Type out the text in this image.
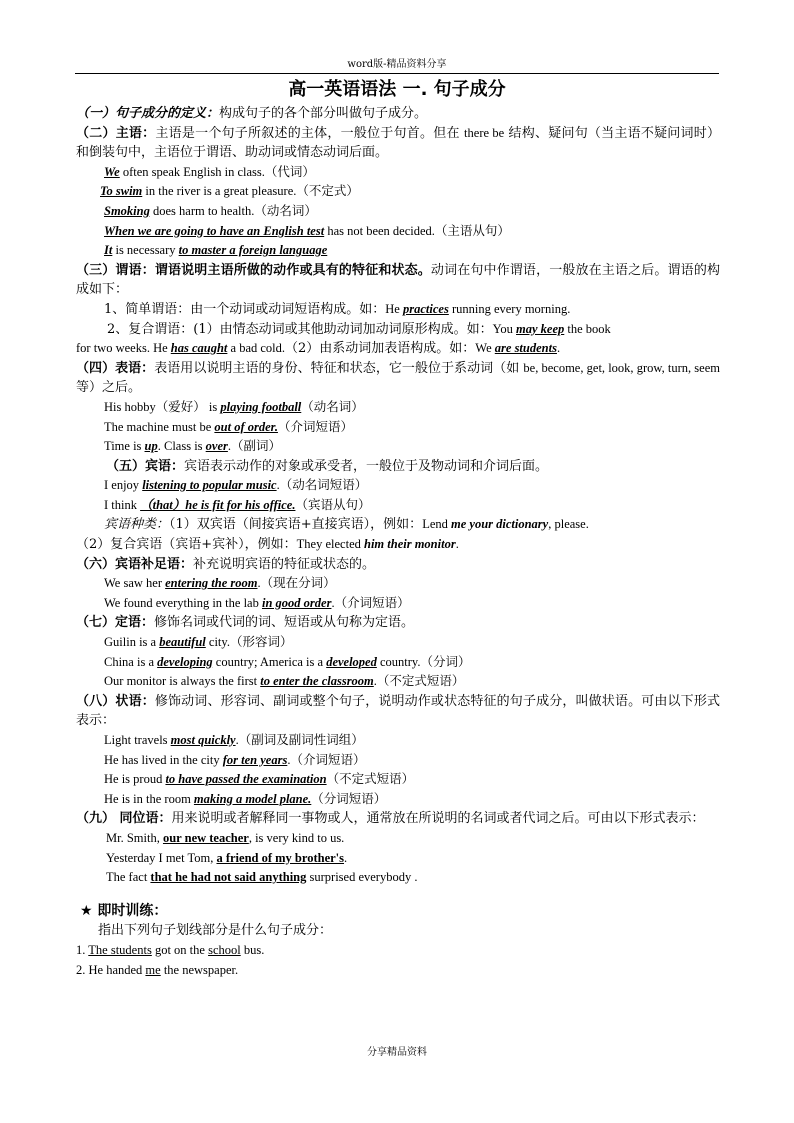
word版-精品资料分享
高一英语语法 一. 句子成分

（一）句子成分的定义：构成句子的各个部分叫做句子成分。

（二）主语：主语是一个句子所叙述的主体，一般位于句首。但在 there be 结构、疑问句（当主语不疑问词时）和倒装句中，主语位于谓语、助动词或情态动词后面。

We often speak English in class.（代词）

To swim in the river is a great pleasure.（不定式）

Smoking does harm to health.（动名词）

When we are going to have an English test has not been decided.（主语从句）

It is necessary to master a foreign language

（三）谓语：谓语说明主语所做的动作或具有的特征和状态。动词在句中作谓语，一般放在主语之后。谓语的构成如下：

1、简单谓语：由一个动词或动词短语构成。如：He practices running every morning.

2、复合谓语：(1）由情态动词或其他助动词加动词原形构成。如：You may keep the book

for two weeks. He has caught a bad cold.（2）由系动词加表语构成。如：We are students.

（四）表语：表语用以说明主语的身份、特征和状态，它一般位于系动词（如 be, become, get, look, grow, turn, seem 等）之后。

His hobby（爱好） is playing football（动名词）

The machine must be out of order.（介词短语）

Time is up. Class is over.（副词）

（五）宾语：宾语表示动作的对象或承受者，一般位于及物动词和介词后面。

I enjoy listening to popular music.（动名词短语）

I think （that）he is fit for his office.（宾语从句）

宾语种类：（1）双宾语（间接宾语+直接宾语），例如：Lend me your dictionary, please.

（2）复合宾语（宾语+宾补），例如：They elected him their monitor.

（六）宾语补足语：补充说明宾语的特征或状态的。

We saw her entering the room.（现在分词）

We found everything in the lab in good order.（介词短语）

（七）定语：修饰名词或代词的词、短语或从句称为定语。

Guilin is a beautiful city.（形容词）

China is a developing country; America is a developed country.（分词）

Our monitor is always the first to enter the classroom.（不定式短语）

（八）状语：修饰动词、形容词、副词或整个句子，说明动作或状态特征的句子成分，叫做状语。可由以下形式表示：

Light travels most quickly.（副词及副词性词组）

He has lived in the city for ten years.（介词短语）

He is proud to have passed the examination（不定式短语）

He is in the room making a model plane.（分词短语）

（九） 同位语：用来说明或者解释同一事物或人，通常放在所说明的名词或者代词之后。可由以下形式表示：

Mr. Smith, our new teacher, is very kind to us.

Yesterday I met Tom, a friend of my brother's.

The fact that he had not said anything surprised everybody .

★ 即时训练：

指出下列句子划线部分是什么句子成分：

1. The students got on the school bus.

2. He handed me the newspaper.

分享精品资料
